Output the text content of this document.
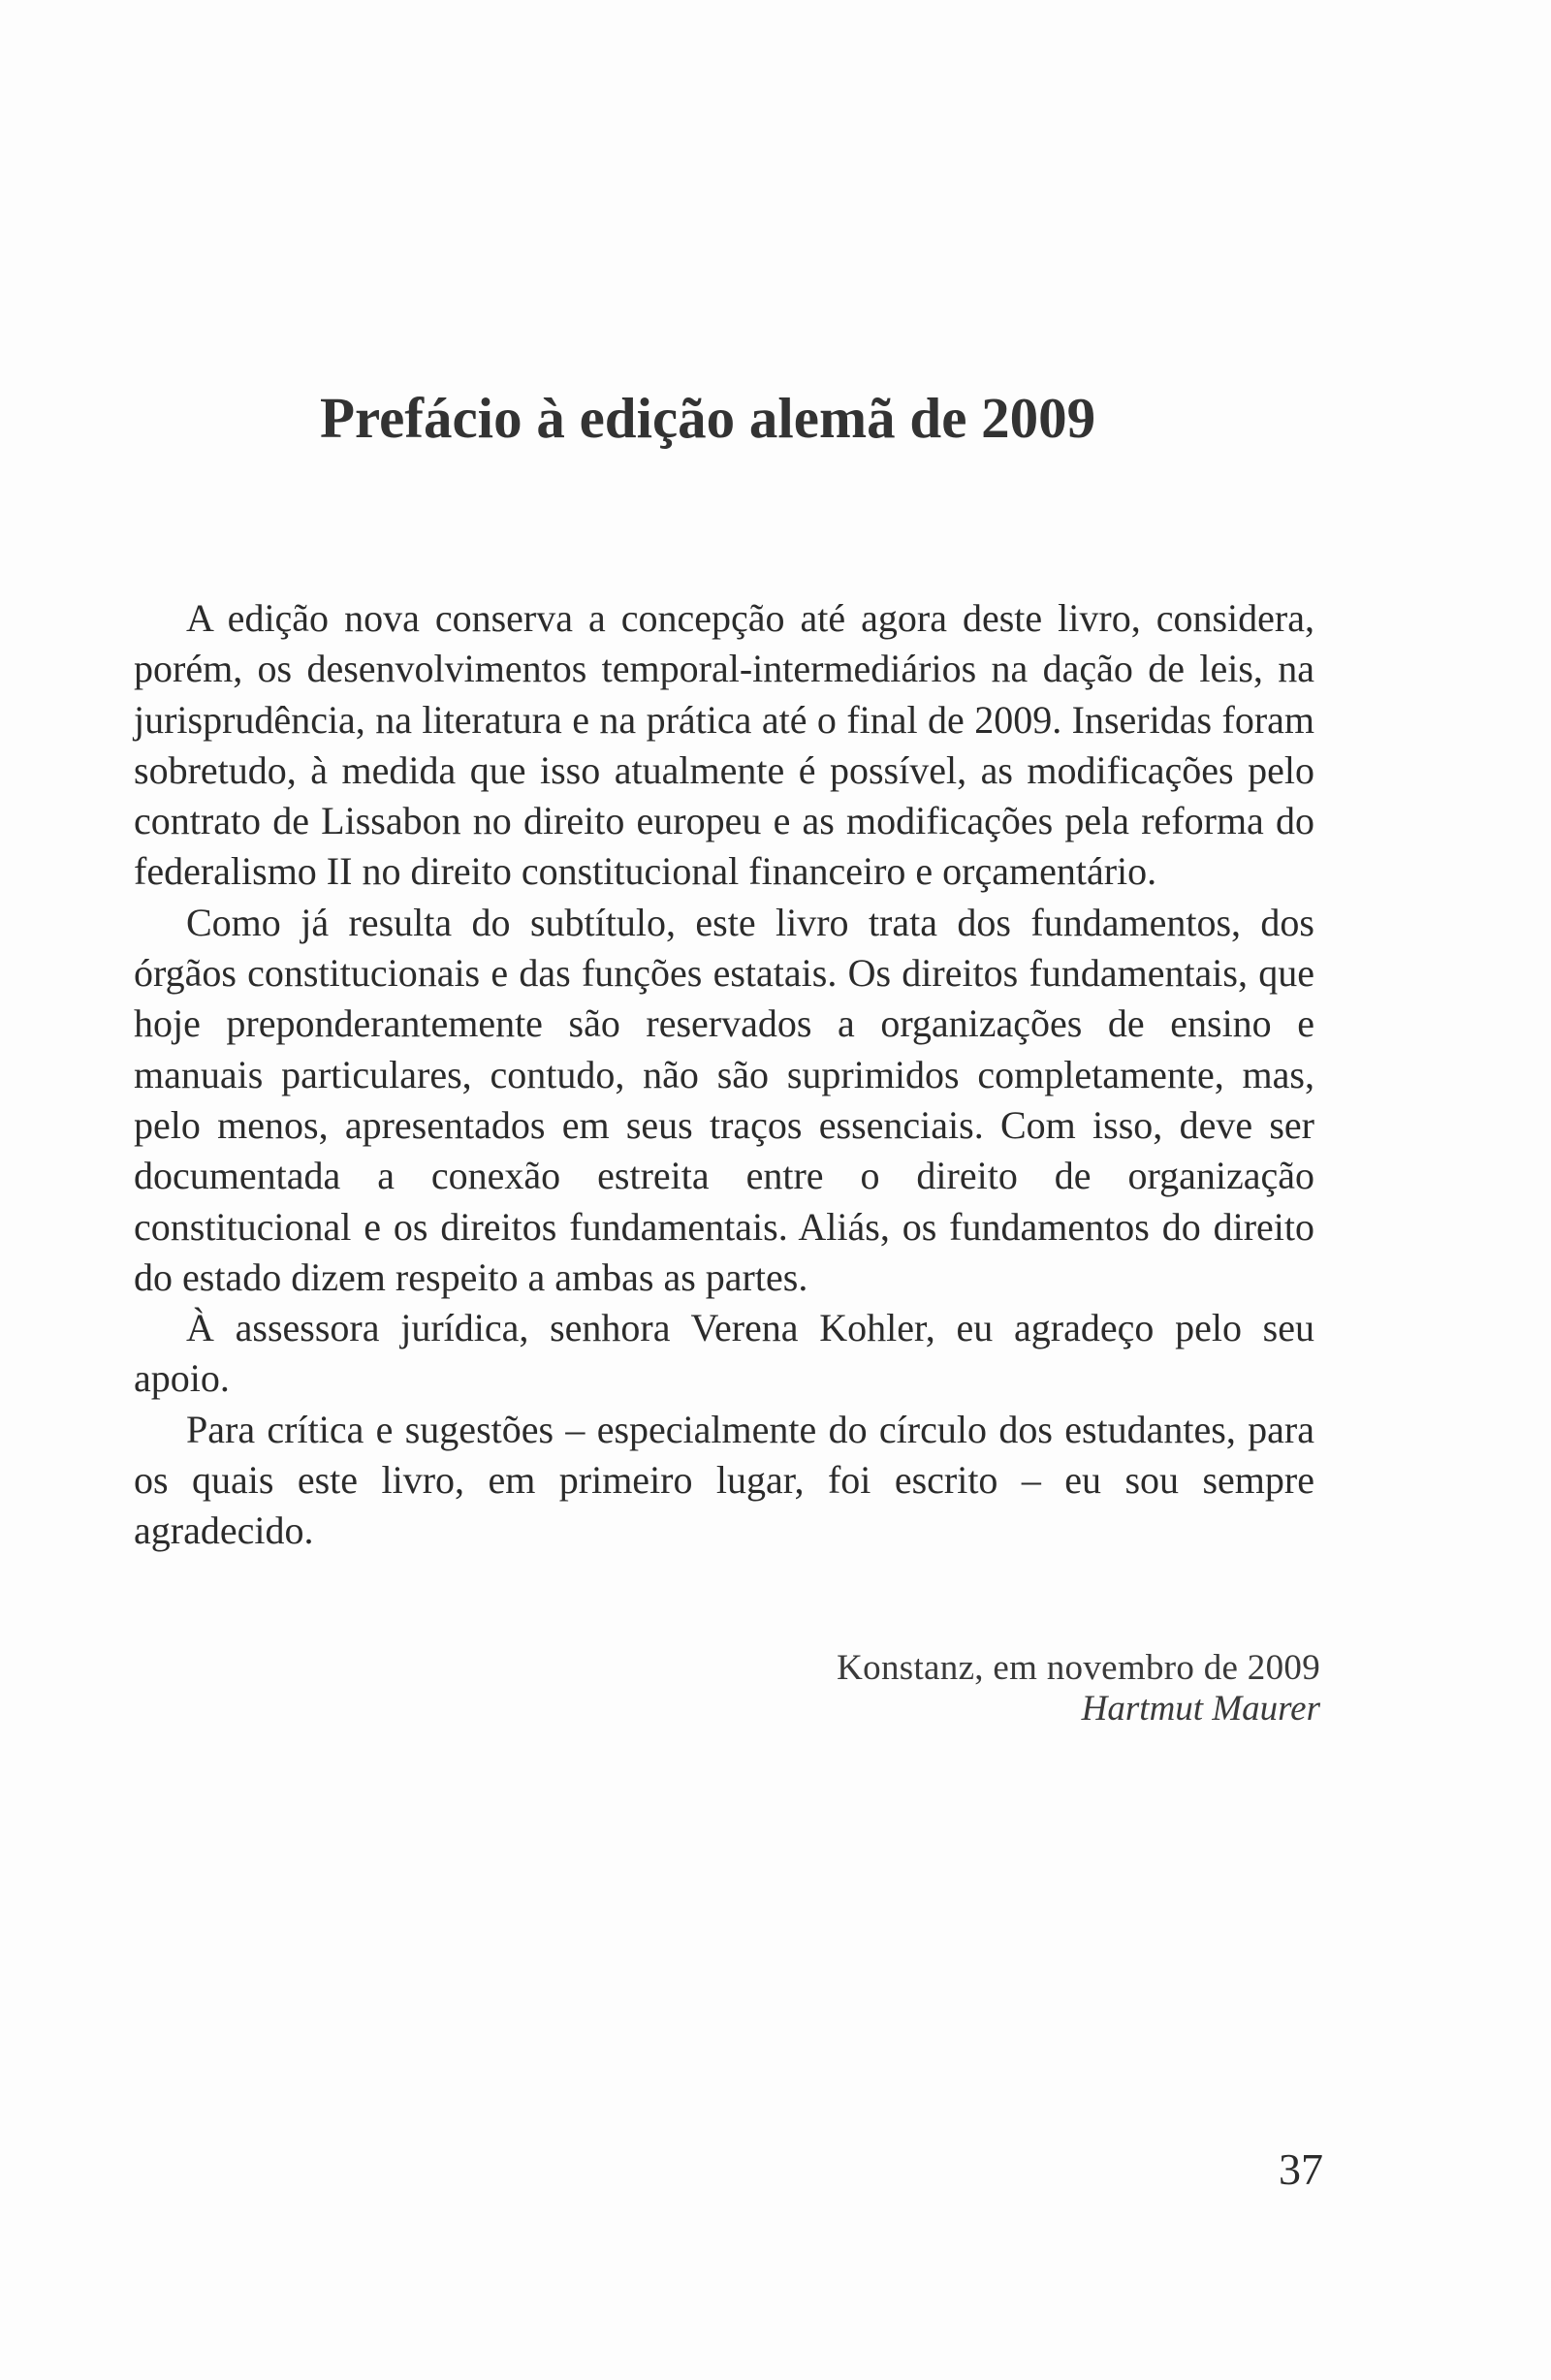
Prefácio à edição alemã de 2009

A edição nova conserva a concepção até agora deste livro, considera, porém, os desenvolvimentos temporal-intermediários na dação de leis, na jurisprudência, na literatura e na prática até o final de 2009. Inseridas foram sobretudo, à medida que isso atualmente é possível, as modificações pelo contrato de Lissabon no direito europeu e as modificações pela reforma do federalismo II no direito constitucional financeiro e orçamentário.

Como já resulta do subtítulo, este livro trata dos fundamentos, dos órgãos constitucionais e das funções estatais. Os direitos fundamentais, que hoje preponderantemente são reservados a organizações de ensino e manuais particulares, contudo, não são suprimidos completamente, mas, pelo menos, apresentados em seus traços essenciais. Com isso, deve ser documentada a conexão estreita entre o direito de organização constitucional e os direitos fundamentais. Aliás, os fundamentos do direito do estado dizem respeito a ambas as partes.

À assessora jurídica, senhora Verena Kohler, eu agradeço pelo seu apoio.

Para crítica e sugestões – especialmente do círculo dos estudantes, para os quais este livro, em primeiro lugar, foi escrito – eu sou sempre agradecido.

Konstanz, em novembro de 2009
Hartmut Maurer
37
